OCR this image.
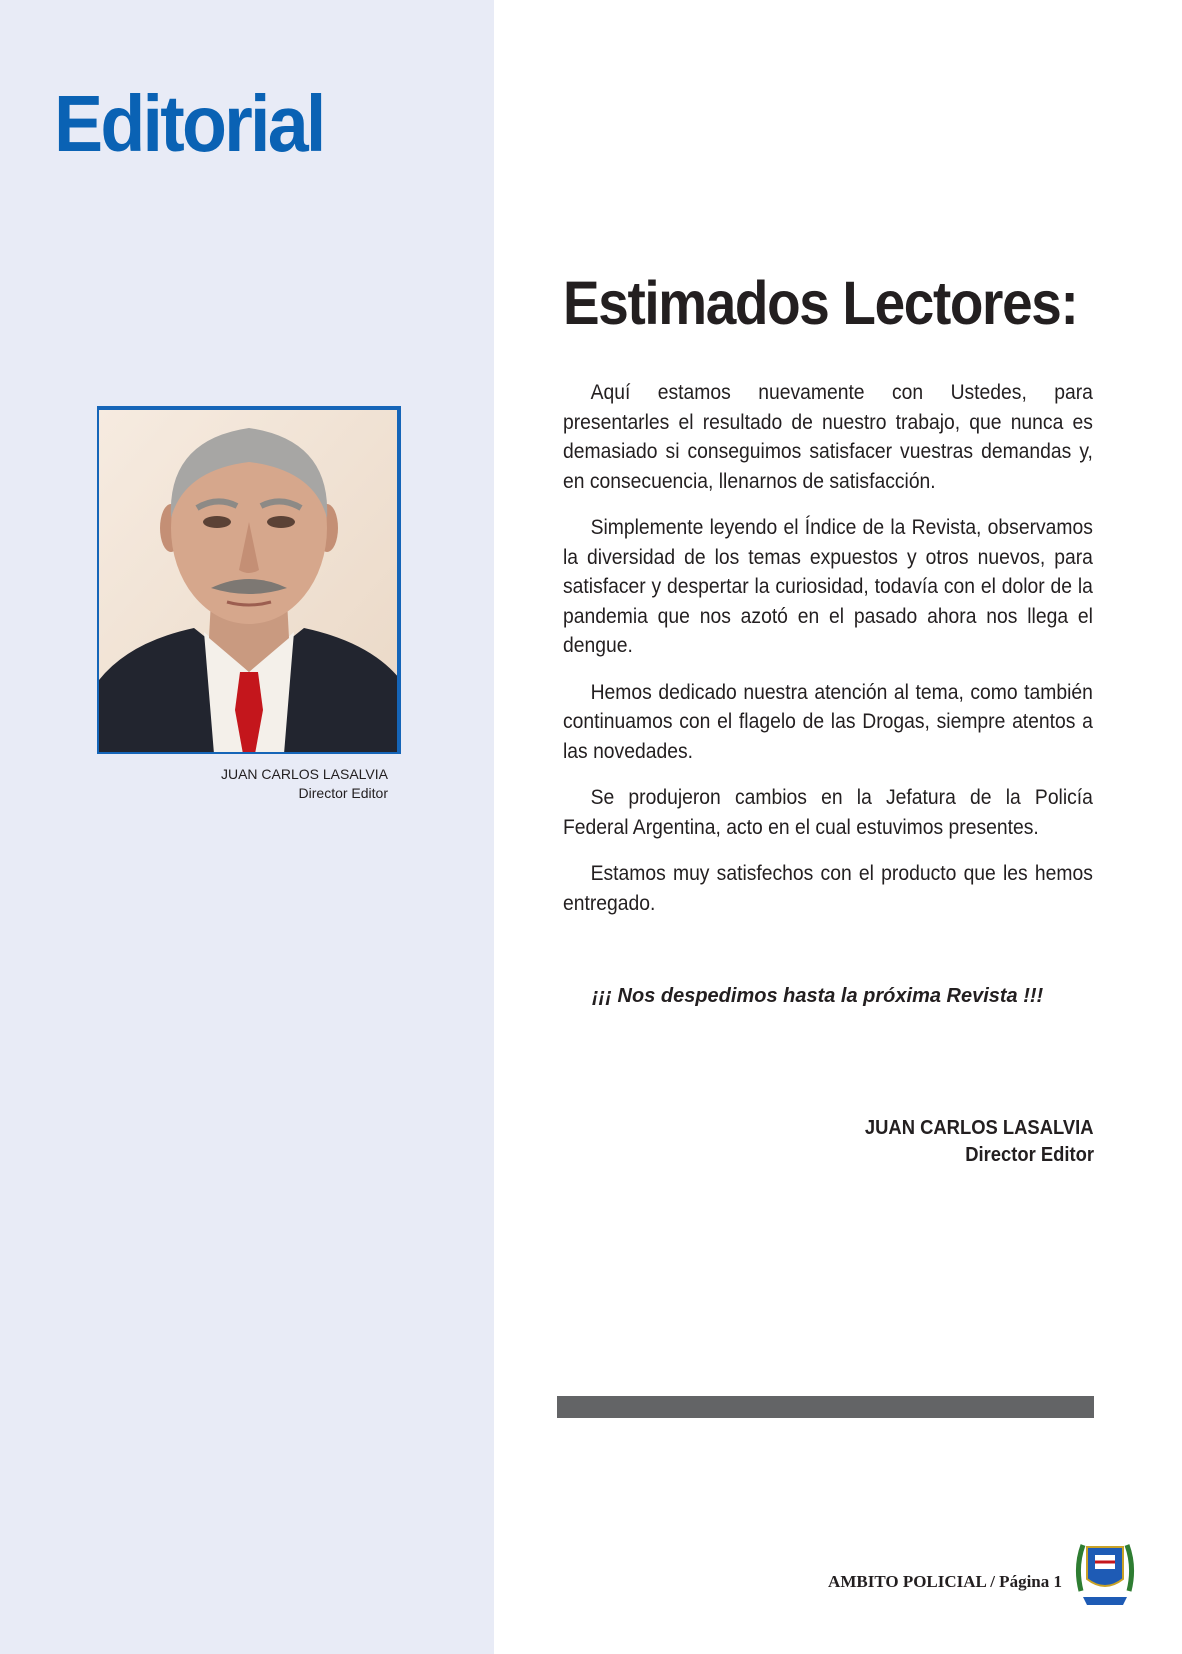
Editorial
JUAN CARLOS LASALVIA
Director Editor
Estimados Lectores:

Aquí estamos nuevamente con Ustedes, para presentarles el resultado de nuestro trabajo, que nunca es demasiado si conseguimos satisfacer vuestras demandas y, en consecuencia, llenarnos de satisfacción.

Simplemente leyendo el Índice de la Revista, observamos la diversidad de los temas expuestos y otros nuevos, para satisfacer y despertar la curiosidad, todavía con el dolor de la pandemia que nos azotó en el pasado ahora nos llega el dengue.

Hemos dedicado nuestra atención al tema, como también continuamos con el flagelo de las Drogas, siempre atentos a las novedades.

Se produjeron cambios en la Jefatura de la Policía Federal Argentina, acto en el cual estuvimos presentes.

Estamos muy satisfechos con el producto que les hemos entregado.

¡¡¡ Nos despedimos hasta la próxima Revista !!!

JUAN CARLOS LASALVIA
Director Editor
AMBITO POLICIAL / Página 1
